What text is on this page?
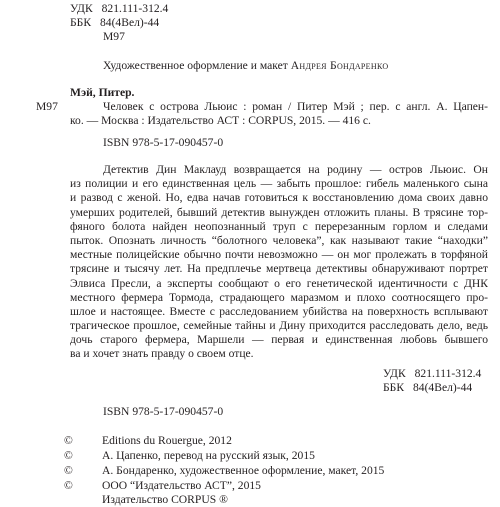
УДК 821.111-312.4
ББК 84(4Вел)-44
М97
Художественное оформление и макет Андрея Бондаренко
Мэй, Питер.
М97	Человек с острова Льюис : роман / Питер Мэй ; пер. с англ. А. Цапен-
ко. — Москва : Издательство АСТ : CORPUS, 2015. — 416 с.
ISBN 978-5-17-090457-0
Детектив Дин Маклауд возвращается на родину — остров Льюис. Он
из полиции и его единственная цель — забыть прошлое: гибель маленького сына
и развод с женой. Но, едва начав готовиться к восстановлению дома своих давно
умерших родителей, бывший детектив вынужден отложить планы. В трясине тор-
фяного болота найден неопознанный труп с перерезанным горлом и следами
пыток. Опознать личность “болотного человека”, как называют такие “находки”
местные полицейские обычно почти невозможно — он мог пролежать в торфяной
трясине и тысячу лет. На предплечье мертвеца детективы обнаруживают портрет
Элвиса Пресли, а эксперты сообщают о его генетической идентичности с ДНК
местного фермера Тормода, страдающего маразмом и плохо соотносящего про-
шлое и настоящее. Вместе с расследованием убийства на поверхность всплывают
трагическое прошлое, семейные тайны и Дину приходится расследовать дело, ведь
дочь старого фермера, Маршели — первая и единственная любовь бывшего
ва и хочет знать правду о своем отце.
УДК 821.111-312.4
ББК 84(4Вел)-44
ISBN 978-5-17-090457-0
©	Editions du Rouergue, 2012
©	А. Цапенко, перевод на русский язык, 2015
©	А. Бондаренко, художественное оформление, макет, 2015
©	ООО “Издательство АСТ”, 2015
Издательство CORPUS ®
